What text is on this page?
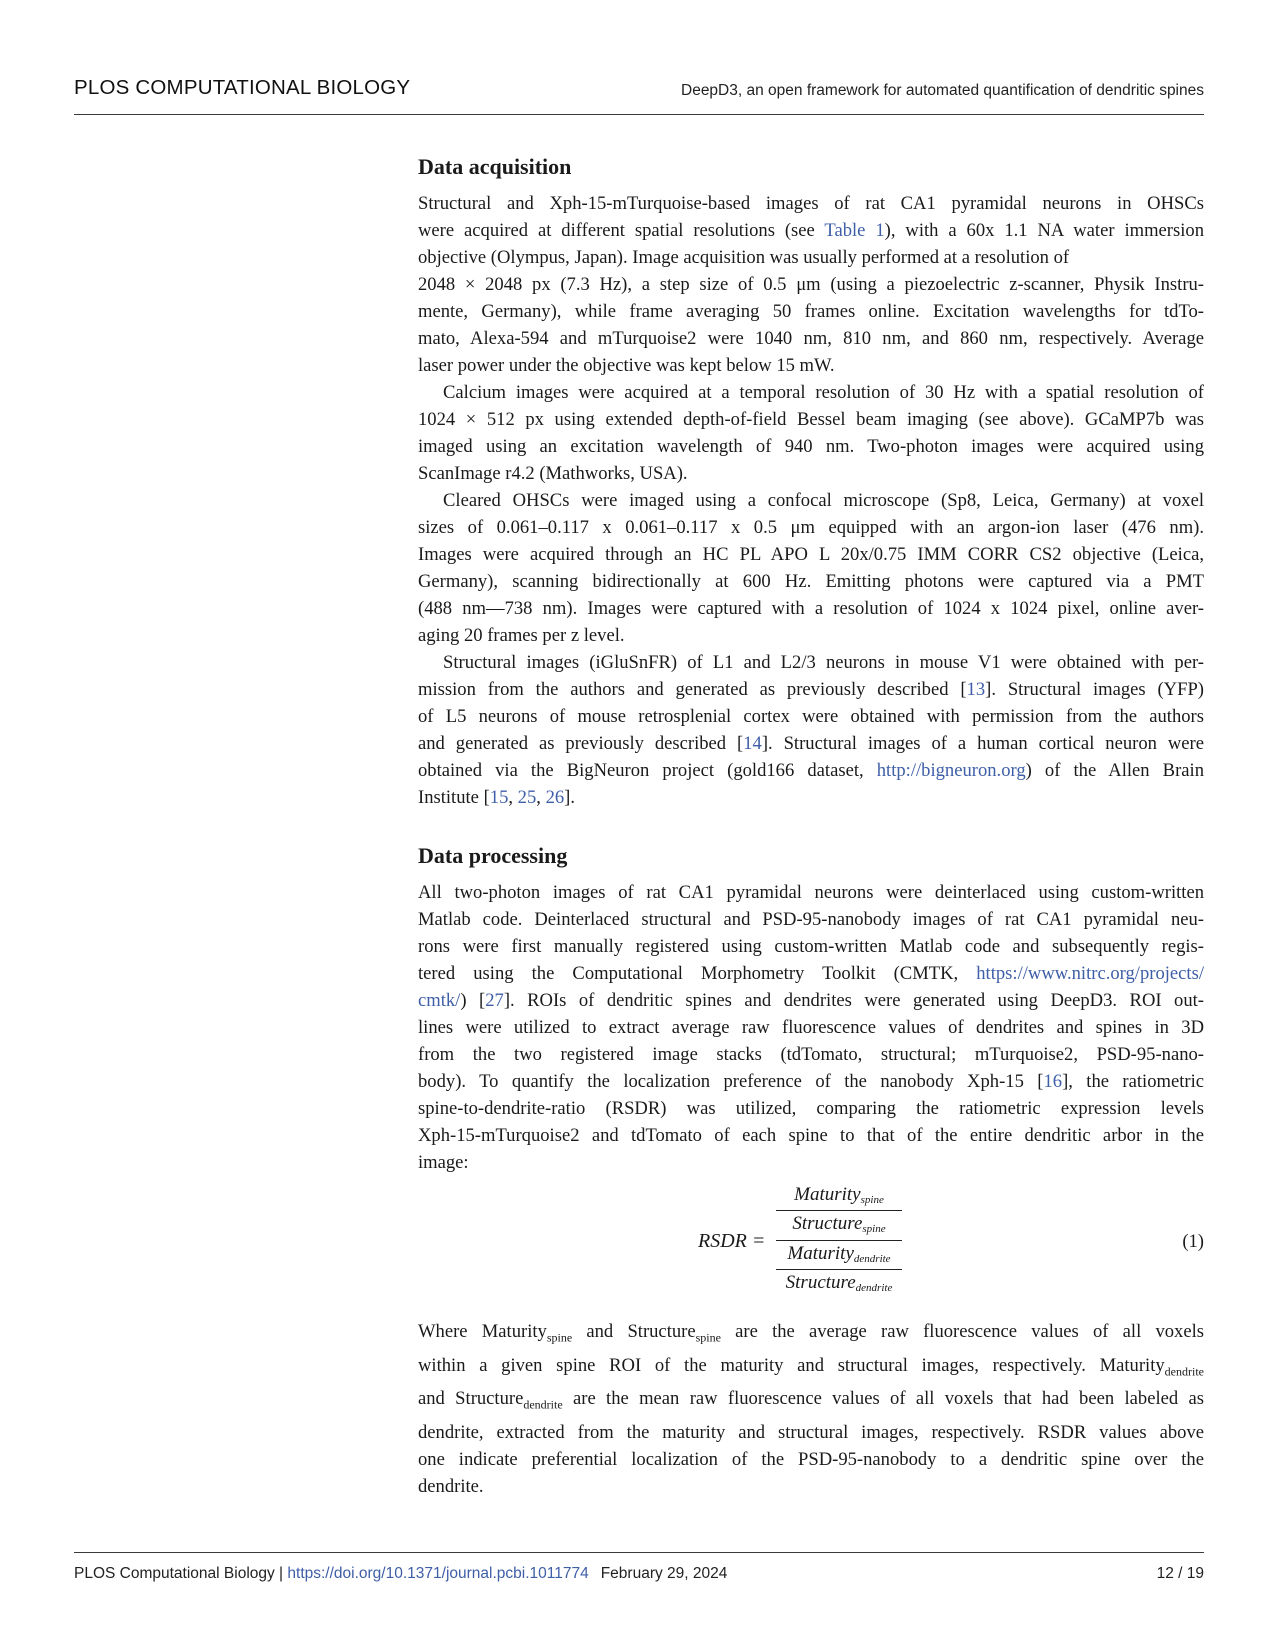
PLOS COMPUTATIONAL BIOLOGY	DeepD3, an open framework for automated quantification of dendritic spines
Data acquisition
Structural and Xph-15-mTurquoise-based images of rat CA1 pyramidal neurons in OHSCs
were acquired at different spatial resolutions (see Table 1), with a 60x 1.1 NA water immersion
objective (Olympus, Japan). Image acquisition was usually performed at a resolution of
2048 × 2048 px (7.3 Hz), a step size of 0.5 μm (using a piezoelectric z-scanner, Physik Instru-
mente, Germany), while frame averaging 50 frames online. Excitation wavelengths for tdTo-
mato, Alexa-594 and mTurquoise2 were 1040 nm, 810 nm, and 860 nm, respectively. Average
laser power under the objective was kept below 15 mW.
Calcium images were acquired at a temporal resolution of 30 Hz with a spatial resolution of
1024 × 512 px using extended depth-of-field Bessel beam imaging (see above). GCaMP7b was
imaged using an excitation wavelength of 940 nm. Two-photon images were acquired using
ScanImage r4.2 (Mathworks, USA).
Cleared OHSCs were imaged using a confocal microscope (Sp8, Leica, Germany) at voxel
sizes of 0.061–0.117 x 0.061–0.117 x 0.5 μm equipped with an argon-ion laser (476 nm).
Images were acquired through an HC PL APO L 20x/0.75 IMM CORR CS2 objective (Leica,
Germany), scanning bidirectionally at 600 Hz. Emitting photons were captured via a PMT
(488 nm—738 nm). Images were captured with a resolution of 1024 x 1024 pixel, online aver-
aging 20 frames per z level.
Structural images (iGluSnFR) of L1 and L2/3 neurons in mouse V1 were obtained with per-
mission from the authors and generated as previously described [13]. Structural images (YFP)
of L5 neurons of mouse retrosplenial cortex were obtained with permission from the authors
and generated as previously described [14]. Structural images of a human cortical neuron were
obtained via the BigNeuron project (gold166 dataset, http://bigneuron.org) of the Allen Brain
Institute [15, 25, 26].
Data processing
All two-photon images of rat CA1 pyramidal neurons were deinterlaced using custom-written
Matlab code. Deinterlaced structural and PSD-95-nanobody images of rat CA1 pyramidal neu-
rons were first manually registered using custom-written Matlab code and subsequently regis-
tered using the Computational Morphometry Toolkit (CMTK, https://www.nitrc.org/projects/
cmtk/) [27]. ROIs of dendritic spines and dendrites were generated using DeepD3. ROI out-
lines were utilized to extract average raw fluorescence values of dendrites and spines in 3D
from the two registered image stacks (tdTomato, structural; mTurquoise2, PSD-95-nano-
body). To quantify the localization preference of the nanobody Xph-15 [16], the ratiometric
spine-to-dendrite-ratio (RSDR) was utilized, comparing the ratiometric expression levels
Xph-15-mTurquoise2 and tdTomato of each spine to that of the entire dendritic arbor in the
image:
RSDR =
Maturityspine
Structurespine
Maturitydendrite
Structuredendrite
(1)
Where Maturity$_{spine}$ and Structure$_{spine}$ are the average raw fluorescence values of all voxels
within a given spine ROI of the maturity and structural images, respectively. Maturity$_{dendrite}$
and Structure$_{dendrite}$ are the mean raw fluorescence values of all voxels that had been labeled as
dendrite, extracted from the maturity and structural images, respectively. RSDR values above
one indicate preferential localization of the PSD-95-nanobody to a dendritic spine over the
dendrite.
PLOS Computational Biology | https://doi.org/10.1371/journal.pcbi.1011774 February 29, 2024	12 / 19
